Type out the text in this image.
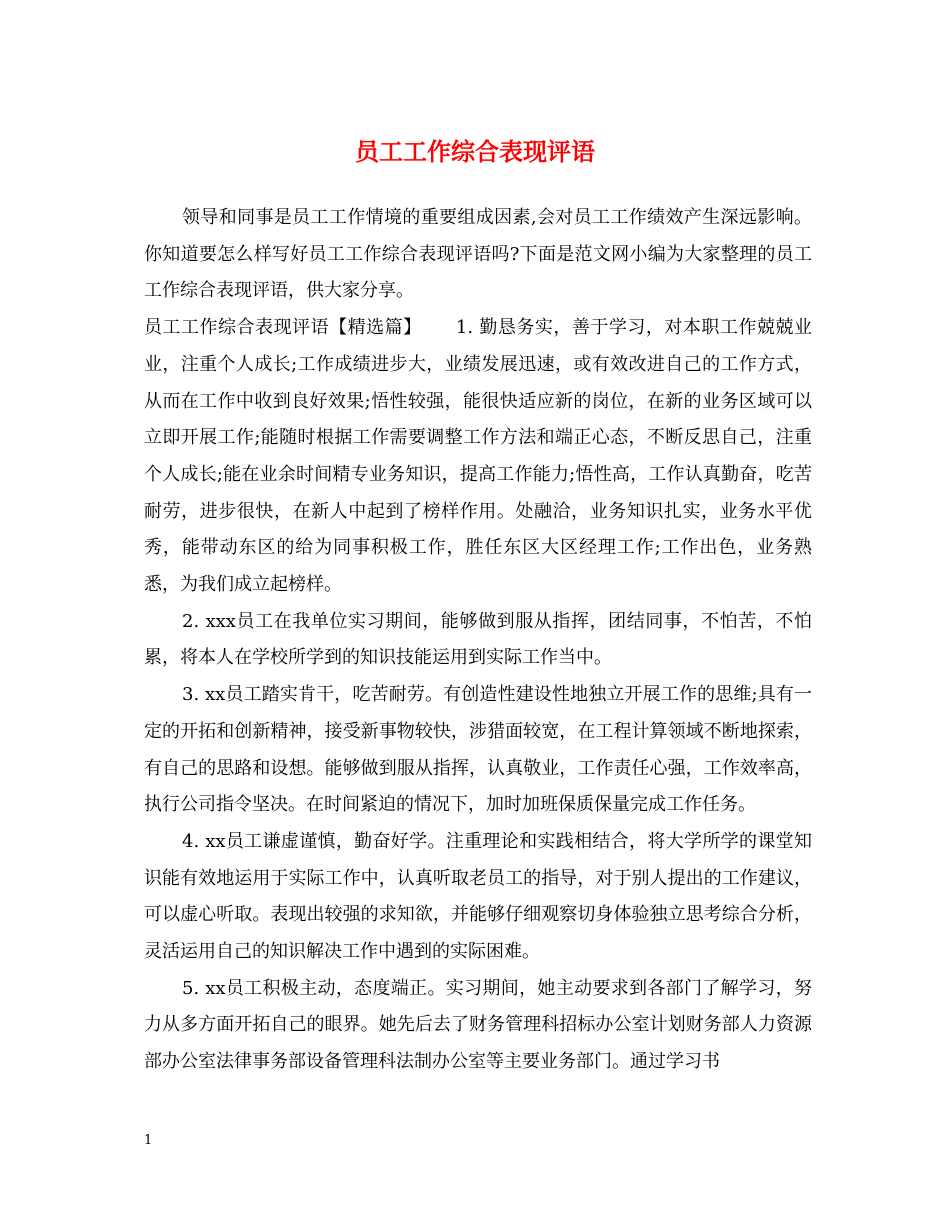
员工工作综合表现评语

领导和同事是员工工作情境的重要组成因素,会对员工工作绩效产生深远影响。你知道要怎么样写好员工工作综合表现评语吗?下面是范文网小编为大家整理的员工工作综合表现评语，供大家分享。

员工工作综合表现评语【精选篇】　　 1. 勤恳务实，善于学习，对本职工作兢兢业业，注重个人成长;工作成绩进步大，业绩发展迅速，或有效改进自己的工作方式，从而在工作中收到良好效果;悟性较强，能很快适应新的岗位，在新的业务区域可以立即开展工作;能随时根据工作需要调整工作方法和端正心态，不断反思自己，注重个人成长;能在业余时间精专业务知识，提高工作能力;悟性高，工作认真勤奋，吃苦耐劳，进步很快，在新人中起到了榜样作用。处融洽，业务知识扎实，业务水平优秀，能带动东区的给为同事积极工作，胜任东区大区经理工作;工作出色，业务熟悉，为我们成立起榜样。

2. xxx员工在我单位实习期间，能够做到服从指挥，团结同事，不怕苦，不怕累，将本人在学校所学到的知识技能运用到实际工作当中。

3. xx员工踏实肯干，吃苦耐劳。有创造性建设性地独立开展工作的思维;具有一定的开拓和创新精神，接受新事物较快，涉猎面较宽，在工程计算领域不断地探索，有自己的思路和设想。能够做到服从指挥，认真敬业，工作责任心强，工作效率高，执行公司指令坚决。在时间紧迫的情况下，加时加班保质保量完成工作任务。

4. xx员工谦虚谨慎，勤奋好学。注重理论和实践相结合，将大学所学的课堂知识能有效地运用于实际工作中，认真听取老员工的指导，对于别人提出的工作建议，可以虚心听取。表现出较强的求知欲，并能够仔细观察切身体验独立思考综合分析，灵活运用自己的知识解决工作中遇到的实际困难。

5. xx员工积极主动，态度端正。实习期间，她主动要求到各部门了解学习，努力从多方面开拓自己的眼界。她先后去了财务管理科招标办公室计划财务部人力资源部办公室法律事务部设备管理科法制办公室等主要业务部门。通过学习书

1
